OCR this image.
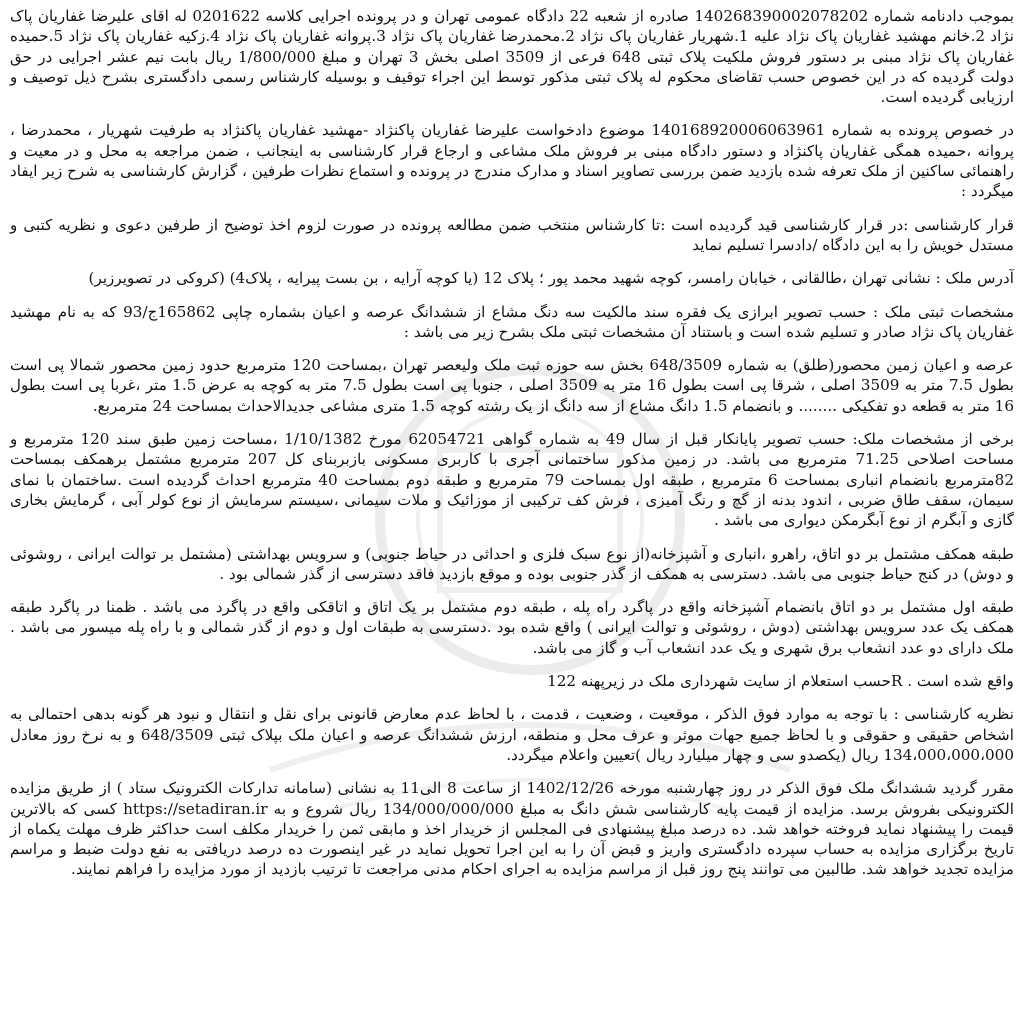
بموجب دادنامه شماره 140268390002078202 صادره از شعبه 22 دادگاه عمومی تهران و در پرونده اجرایی کلاسه 0201622 له اقای علیرضا غفاریان پاک نژاد 2.خانم مهشید غفاریان پاک نژاد علیه 1.شهریار غفاریان پاک نژاد 2.محمدرضا غفاریان پاک نژاد 3.پروانه غفاریان پاک نژاد 4.زکیه غفاریان پاک نژاد 5.حمیده غفاریان پاک نژاد مبنی بر دستور فروش ملکیت پلاک ثبتی 648 فرعی از 3509 اصلی بخش 3 تهران و مبلغ 1/800/000 ریال بابت نیم عشر اجرایی در حق دولت گردیده که در این خصوص حسب تقاضای محکوم له پلاک ثبتی مذکور توسط این اجراء توقیف و بوسیله کارشناس رسمی دادگستری بشرح ذیل توصیف و ارزیابی گردیده است.

در خصوص پرونده به شماره 140168920006063961 موضوع دادخواست علیرضا غفاریان پاکنژاد -مهشید غفاریان پاکنژاد به طرفیت شهریار ، محمدرضا ، پروانه ،حمیده همگی غفاریان پاکنژاد و دستور دادگاه مبنی بر فروش ملک مشاعی و ارجاع قرار کارشناسی به اینجانب ، ضمن مراجعه به محل و در معیت و راهنمائی ساکنین از ملک تعرفه شده بازدید ضمن بررسی تصاویر اسناد و مدارک مندرج در پرونده و استماع نظرات طرفین ، گزارش کارشناسی به شرح زیر ایفاد میگردد :

قرار کارشناسی :در قرار کارشناسی قید گردیده است :تا کارشناس منتخب ضمن مطالعه پرونده در صورت لزوم اخذ توضیح از طرفین دعوی و نظریه کتبی و مستدل خویش را به این دادگاه /دادسرا تسلیم نماید

آدرس ملک : نشانی تهران ،طالقانی ، خیابان رامسر، کوچه شهید محمد پور ؛ پلاک 12 (یا کوچه آرایه ، بن بست پیرایه ، پلاک4) (کروکی در تصویرزیر)

مشخصات ثبتی ملک : حسب تصویر ابرازی یک فقره سند مالکیت سه دنگ مشاع از ششدانگ عرصه و اعیان بشماره چاپی 165862ج/93 که به نام مهشید غفاریان پاک نژاد صادر و تسلیم شده است و باستناد آن مشخصات ثبتی ملک بشرح زیر می باشد :

عرصه و اعیان زمین محصور(طلق) به شماره 648/3509 بخش سه حوزه ثبت ملک ولیعصر تهران ،بمساحت 120 مترمربع حدود زمین محصور شمالا پی است بطول 7.5 متر به 3509 اصلی ، شرقا پی است بطول 16 متر به 3509 اصلی ، جنوبا پی است بطول 7.5 متر به کوچه به عرض 1.5 متر ،غربا پی است بطول 16 متر به قطعه دو تفکیکی ........ و بانضمام 1.5 دانگ مشاع از سه دانگ از یک رشته کوچه 1.5 متری مشاعی جدیدالاحداث بمساحت 24 مترمربع.

برخی از مشخصات ملک: حسب تصویر پایانکار قبل از سال 49 به شماره گواهی 62054721 مورخ 1/10/1382 ،مساحت زمین طبق سند 120 مترمربع و مساحت اصلاحی 71.25 مترمربع می باشد. در زمین مذکور ساختمانی آجری با کاربری مسکونی بازبربنای کل 207 مترمربع مشتمل برهمکف بمساحت 82مترمربع بانضمام انباری بمساحت 6 مترمربع ، طبقه اول بمساحت 79 مترمربع و طبقه دوم بمساحت 40 مترمربع احداث گردیده است .ساختمان با نمای سیمان، سقف طاق ضربی ، اندود بدنه از گچ و رنگ آمیزی ، فرش کف ترکیبی از موزائیک و ملات سیمانی ،سیستم سرمایش از نوع کولر آبی ، گرمایش بخاری گازی و آبگرم از نوع آبگرمکن دیواری می باشد .

طبقه همکف مشتمل بر دو اتاق، راهرو ،انباری و آشپزخانه(از نوع سبک فلزی و احداثی در حیاط جنوبی) و سرویس بهداشتی (مشتمل بر توالت ایرانی ، روشوئی و دوش) در کنج حیاط جنوبی می باشد. دسترسی به همکف از گذر جنوبی بوده و موقع بازدید فاقد دسترسی از گذر شمالی بود .

طبقه اول مشتمل بر دو اتاق بانضمام آشپزخانه واقع در پاگرد راه پله ، طبقه دوم مشتمل بر یک اتاق و اتاقکی واقع در پاگرد می باشد . ظمنا در پاگرد طبقه همکف یک عدد سرویس بهداشتی (دوش ، روشوئی و توالت ایرانی ) واقع شده بود .دسترسی به طبقات اول و دوم از گذر شمالی و با راه پله میسور می باشد . ملک دارای دو عدد انشعاب برق شهری و یک عدد انشعاب آب و گاز می باشد.

واقع شده است . Rحسب استعلام از سایت شهرداری ملک در زیرپهنه 122

نظریه کارشناسی : با توجه به موارد فوق الذکر ، موقعیت ، وضعیت ، قدمت ، با لحاظ عدم معارض قانونی برای نقل و انتقال و نبود هر گونه بدهی احتمالی به اشخاص حقیقی و حقوقی و با لحاظ جمیع جهات موثر و عرف محل و منطقه، ارزش ششدانگ عرصه و اعیان ملک بپلاک ثبتی 648/3509 و به نرخ روز معادل 134،000،000،000 ریال (یکصدو سی و چهار میلیارد ریال )تعیین واعلام میگردد.

مقرر گردید ششدانگ ملک فوق الذکر در روز چهارشنبه مورخه 1402/12/26 از ساعت 8 الی11 به نشانی (سامانه تدارکات الکترونیک ستاد ) از طریق مزایده الکترونیکی بفروش برسد. مزایده از قیمت پایه کارشناسی شش دانگ به مبلغ 134/000/000/000 ریال شروع و به https://setadiran.ir کسی که بالاترین قیمت را پیشنهاد نماید فروخته خواهد شد. ده درصد مبلغ پیشنهادی فی المجلس از خریدار اخذ و مابقی ثمن را خریدار مکلف است حداکثر ظرف مهلت یکماه از تاریخ برگزاری مزایده به حساب سپرده دادگستری واریز و قبض آن را به این اجرا تحویل نماید در غیر اینصورت ده درصد دریافتی به نفع دولت ضبط و مراسم مزایده تجدید خواهد شد. طالبین می توانند پنج روز قبل از مراسم مزایده به اجرای احکام مدنی مراجعت تا ترتیب بازدید از مورد مزایده را فراهم نمایند.
